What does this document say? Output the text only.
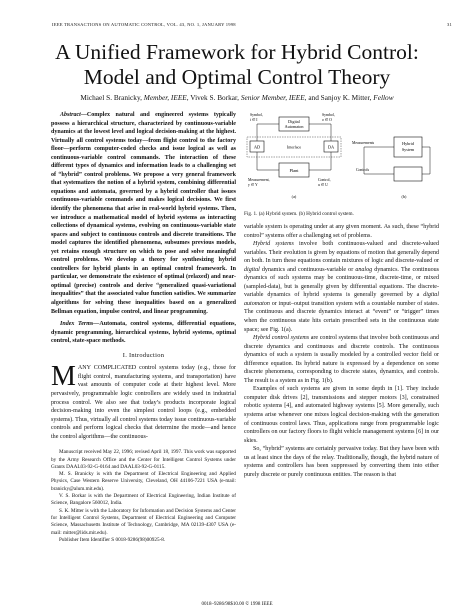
IEEE TRANSACTIONS ON AUTOMATIC CONTROL, VOL. 43, NO. 1, JANUARY 1998	31
A Unified Framework for Hybrid Control:
Model and Optimal Control Theory
Michael S. Branicky, Member, IEEE, Vivek S. Borkar, Senior Member, IEEE, and Sanjoy K. Mitter, Fellow

Abstract—Complex natural and engineered systems typically possess a hierarchical structure, characterized by continuous-variable dynamics at the lowest level and logical decision-making at the highest. Virtually all control systems today—from flight control to the factory floor—perform computer-coded checks and issue logical as well as continuous-variable control commands. The interaction of these different types of dynamics and information leads to a challenging set of “hybrid” control problems. We propose a very general framework that systematizes the notion of a hybrid system, combining differential equations and automata, governed by a hybrid controller that issues continuous-variable commands and makes logical decisions. We first identify the phenomena that arise in real-world hybrid systems. Then, we introduce a mathematical model of hybrid systems as interacting collections of dynamical systems, evolving on continuous-variable state spaces and subject to continuous controls and discrete transitions. The model captures the identified phenomena, subsumes previous models, yet retains enough structure on which to pose and solve meaningful control problems. We develop a theory for synthesizing hybrid controllers for hybrid plants in an optimal control framework. In particular, we demonstrate the existence of optimal (relaxed) and near-optimal (precise) controls and derive “generalized quasi-variational inequalities” that the associated value function satisfies. We summarize algorithms for solving these inequalities based on a generalized Bellman equation, impulse control, and linear programming.

Index Terms—Automata, control systems, differential equations, dynamic programming, hierarchical systems, hybrid systems, optimal control, state-space methods.

I. Introduction

MANY COMPLICATED control systems today (e.g., those for flight control, manufacturing systems, and transportation) have vast amounts of computer code at their highest level. More pervasively, programmable logic controllers are widely used in industrial process control. We also see that today’s products incorporate logical decision-making into even the simplest control loops (e.g., embedded systems). Thus, virtually all control systems today issue continuous-variable controls and perform logical checks that determine the mode—and hence the control algorithms—the continuous-

Manuscript received May 22, 1996; revised April 18, 1997. This work was supported by the Army Research Office and the Center for Intelligent Control Systems under Grants DAAL03-92-G-0164 and DAAL03-92-G-0115.

M. S. Branicky is with the Department of Electrical Engineering and Applied Physics, Case Western Reserve University, Cleveland, OH 44106-7221 USA (e-mail: branicky@alum.mit.edu).

V. S. Borkar is with the Department of Electrical Engineering, Indian Institute of Science, Bangalore 560012, India.

S. K. Mitter is with the Laboratory for Information and Decision Systems and Center for Intelligent Control Systems, Department of Electrical Engineering and Computer Science, Massachusetts Institute of Technology, Cambridge, MA 02139-4307 USA (e-mail: mitter@lids.mit.edu).

Publisher Item Identifier S 0018-9286(98)00925-8.

Digital
Automaton
Symbol,
i ∈ I
Symbol,
o ∈ O
AD	Interface	DA
Plant
Measurement,
y ∈ Y
Control,
u ∈ U
(a)
Hybrid
System
Measurements
Controls
(b)
Fig. 1. (a) Hybrid system. (b) Hybrid control system.

variable system is operating under at any given moment. As such, these “hybrid control” systems offer a challenging set of problems.

Hybrid systems involve both continuous-valued and discrete-valued variables. Their evolution is given by equations of motion that generally depend on both. In turn these equations contain mixtures of logic and discrete-valued or digital dynamics and continuous-variable or analog dynamics. The continuous dynamics of such systems may be continuous-time, discrete-time, or mixed (sampled-data), but is generally given by differential equations. The discrete-variable dynamics of hybrid systems is generally governed by a digital automaton or input–output transition system with a countable number of states. The continuous and discrete dynamics interact at “event” or “trigger” times when the continuous state hits certain prescribed sets in the continuous state space; see Fig. 1(a).

Hybrid control systems are control systems that involve both continuous and discrete dynamics and continuous and discrete controls. The continuous dynamics of such a system is usually modeled by a controlled vector field or difference equation. Its hybrid nature is expressed by a dependence on some discrete phenomena, corresponding to discrete states, dynamics, and controls. The result is a system as in Fig. 1(b).

Examples of such systems are given in some depth in [1]. They include computer disk drives [2], transmissions and stepper motors [3], constrained robotic systems [4], and automated highway systems [5]. More generally, such systems arise whenever one mixes logical decision-making with the generation of continuous control laws. Thus, applications range from programmable logic controllers on our factory floors to flight vehicle management systems [6] in our skies.

So, “hybrid” systems are certainly pervasive today. But they have been with us at least since the days of the relay. Traditionally, though, the hybrid nature of systems and controllers has been suppressed by converting them into either purely discrete or purely continuous entities. The reason is that

0018–9286/98$10.00 © 1998 IEEE
